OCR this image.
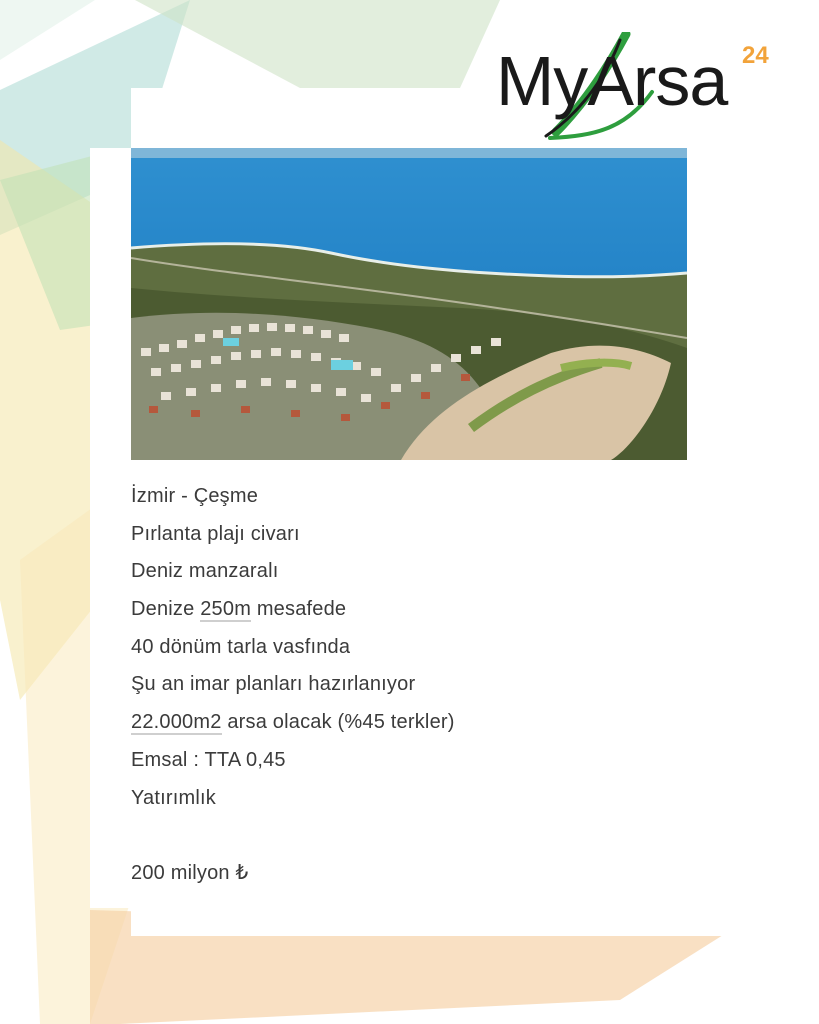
MyArsa 24
İzmir - Çeşme
Pırlanta plajı civarı
Deniz manzaralı
Denize 250m mesafede
40 dönüm tarla vasfında
Şu an imar planları hazırlanıyor
22.000m2 arsa olacak (%45 terkler)
Emsal : TTA 0,45
Yatırımlık
200 milyon ₺
